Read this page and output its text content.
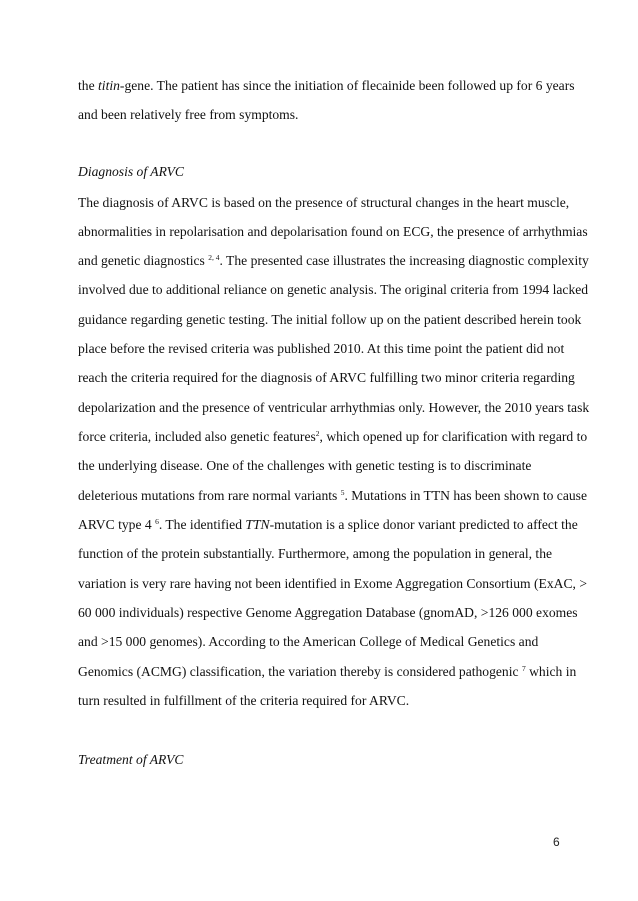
the titin-gene. The patient has since the initiation of flecainide been followed up for 6 years
and been relatively free from symptoms.
Diagnosis of ARVC
The diagnosis of ARVC is based on the presence of structural changes in the heart muscle,
abnormalities in repolarisation and depolarisation found on ECG, the presence of arrhythmias
and genetic diagnostics $^{2, 4}$. The presented case illustrates the increasing diagnostic complexity
involved due to additional reliance on genetic analysis. The original criteria from 1994 lacked
guidance regarding genetic testing. The initial follow up on the patient described herein took
place before the revised criteria was published 2010. At this time point the patient did not
reach the criteria required for the diagnosis of ARVC fulfilling two minor criteria regarding
depolarization and the presence of ventricular arrhythmias only. However, the 2010 years task
force criteria, included also genetic features$^2$, which opened up for clarification with regard to
the underlying disease. One of the challenges with genetic testing is to discriminate
deleterious mutations from rare normal variants $^5$. Mutations in TTN has been shown to cause
ARVC type 4 $^6$. The identified TTN-mutation is a splice donor variant predicted to affect the
function of the protein substantially. Furthermore, among the population in general, the
variation is very rare having not been identified in Exome Aggregation Consortium (ExAC, >
60 000 individuals) respective Genome Aggregation Database (gnomAD, >126 000 exomes
and >15 000 genomes). According to the American College of Medical Genetics and
Genomics (ACMG) classification, the variation thereby is considered pathogenic $^7$ which in
turn resulted in fulfillment of the criteria required for ARVC.
Treatment of ARVC
6
